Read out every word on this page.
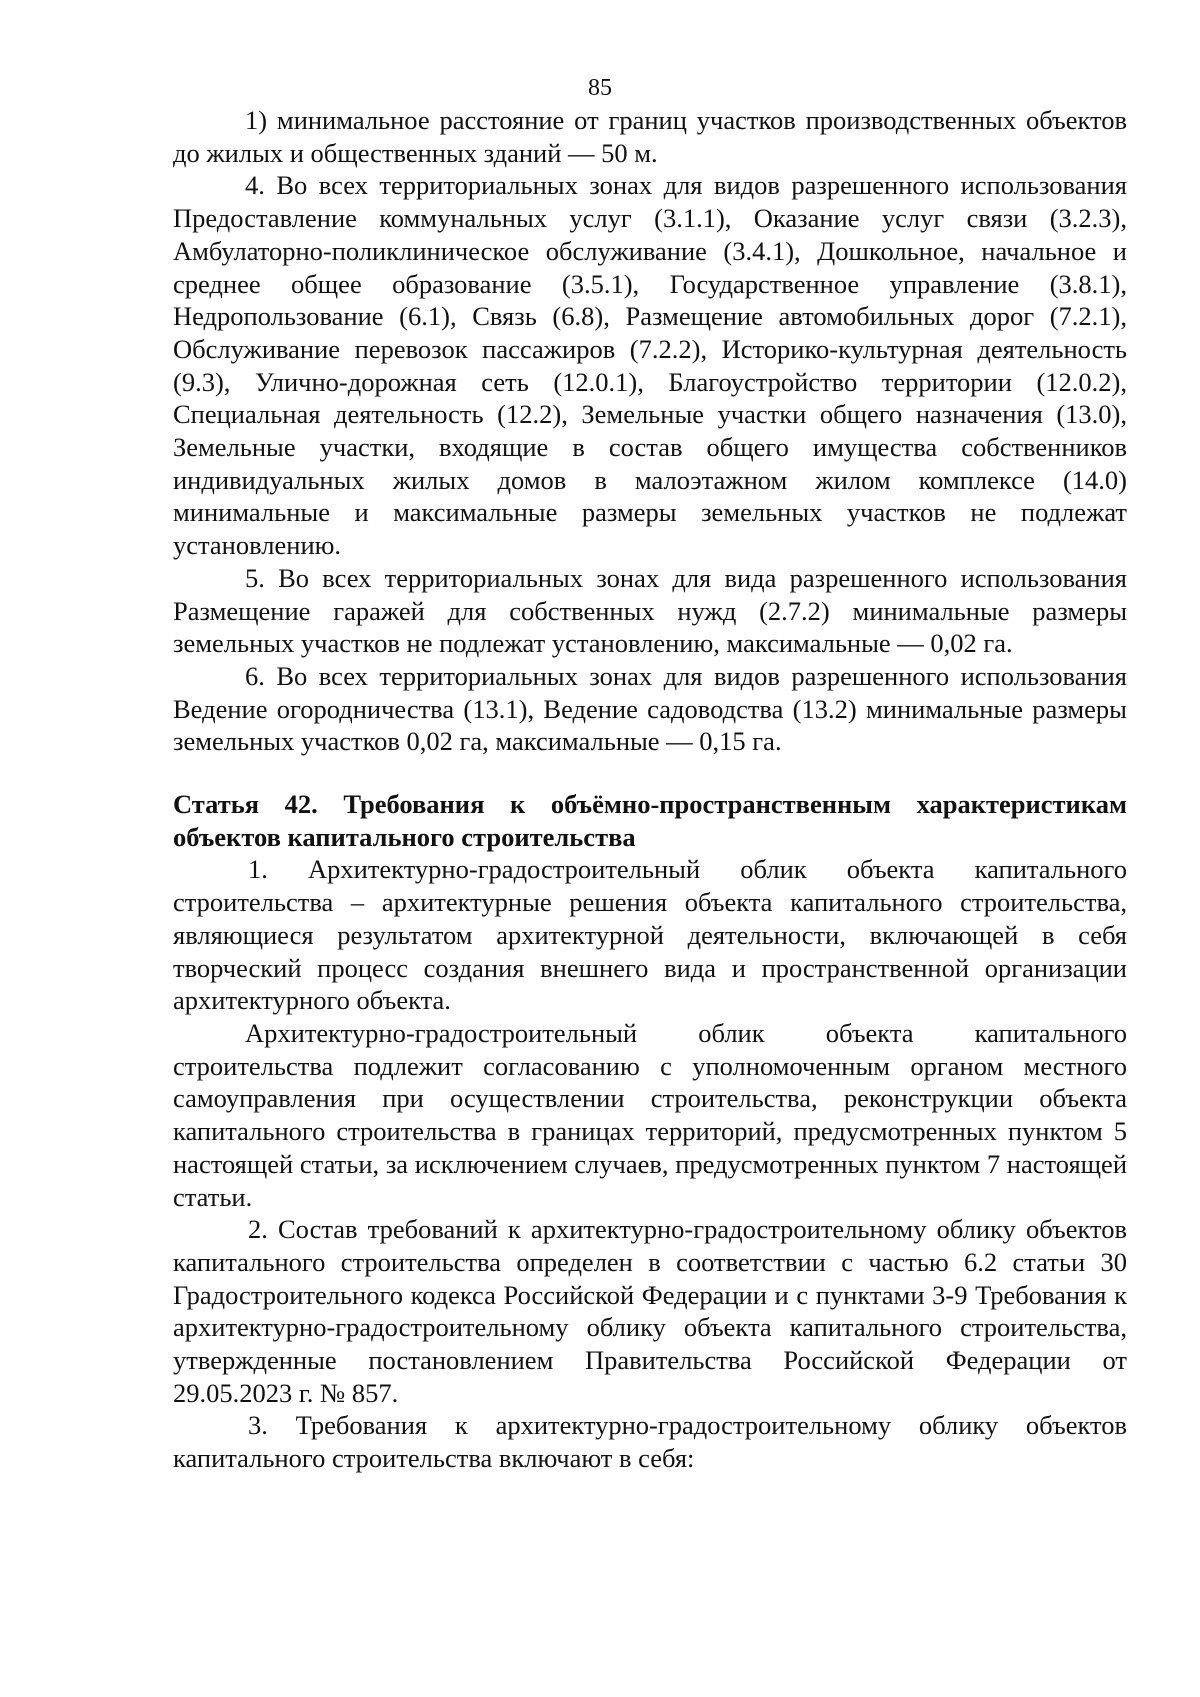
85

1) минимальное расстояние от границ участков производственных объектов до жилых и общественных зданий — 50 м.

4. Во всех территориальных зонах для видов разрешенного использования Предоставление коммунальных услуг (3.1.1), Оказание услуг связи (3.2.3), Амбулаторно-поликлиническое обслуживание (3.4.1), Дошкольное, начальное и среднее общее образование (3.5.1), Государственное управление (3.8.1), Недропользование (6.1), Связь (6.8), Размещение автомобильных дорог (7.2.1), Обслуживание перевозок пассажиров (7.2.2), Историко-культурная деятельность (9.3), Улично-дорожная сеть (12.0.1), Благоустройство территории (12.0.2), Специальная деятельность (12.2), Земельные участки общего назначения (13.0), Земельные участки, входящие в состав общего имущества собственников индивидуальных жилых домов в малоэтажном жилом комплексе (14.0) минимальные и максимальные размеры земельных участков не подлежат установлению.

5. Во всех территориальных зонах для вида разрешенного использования Размещение гаражей для собственных нужд (2.7.2) минимальные размеры земельных участков не подлежат установлению, максимальные — 0,02 га.

6. Во всех территориальных зонах для видов разрешенного использования Ведение огородничества (13.1), Ведение садоводства (13.2) минимальные размеры земельных участков 0,02 га, максимальные — 0,15 га.

Статья 42. Требования к объёмно-пространственным характеристикам объектов капитального строительства

1. Архитектурно-градостроительный облик объекта капитального строительства – архитектурные решения объекта капитального строительства, являющиеся результатом архитектурной деятельности, включающей в себя творческий процесс создания внешнего вида и пространственной организации архитектурного объекта.

Архитектурно-градостроительный облик объекта капитального строительства подлежит согласованию с уполномоченным органом местного самоуправления при осуществлении строительства, реконструкции объекта капитального строительства в границах территорий, предусмотренных пунктом 5 настоящей статьи, за исключением случаев, предусмотренных пунктом 7 настоящей статьи.

2. Состав требований к архитектурно-градостроительному облику объектов капитального строительства определен в соответствии с частью 6.2 статьи 30 Градостроительного кодекса Российской Федерации и с пунктами 3-9 Требования к архитектурно-градостроительному облику объекта капитального строительства, утвержденные постановлением Правительства Российской Федерации от 29.05.2023 г. № 857.

3. Требования к архитектурно-градостроительному облику объектов капитального строительства включают в себя:
